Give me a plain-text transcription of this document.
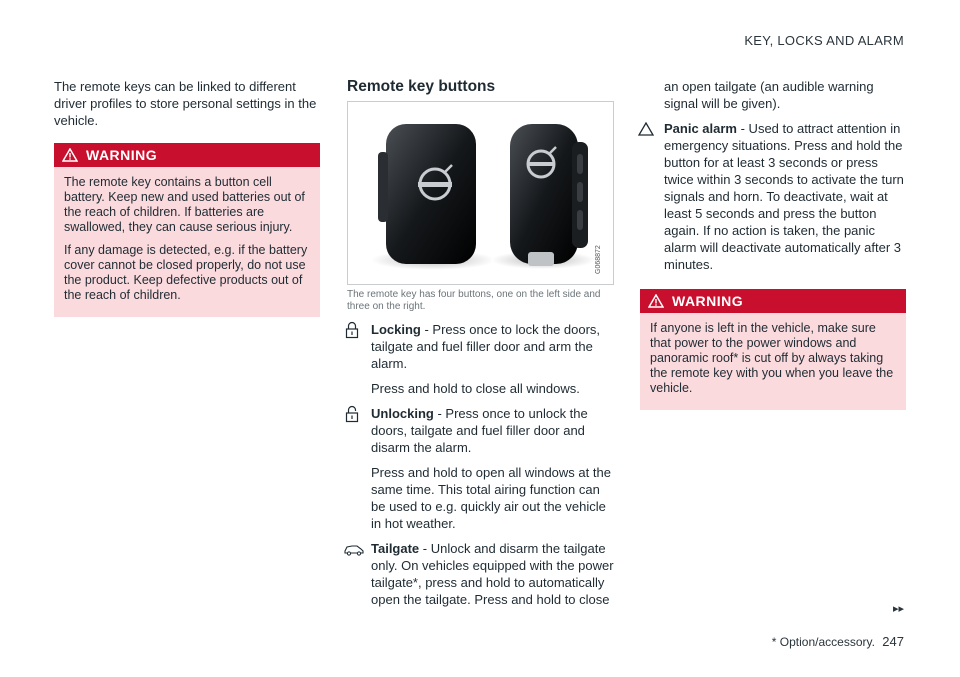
KEY, LOCKS AND ALARM

The remote keys can be linked to different driver profiles to store personal settings in the vehicle.

WARNING

The remote key contains a button cell battery. Keep new and used batteries out of the reach of children. If batteries are swallowed, they can cause serious injury.

If any damage is detected, e.g. if the battery cover cannot be closed properly, do not use the product. Keep defective products out of the reach of children.

Remote key buttons
G068872
The remote key has four buttons, one on the left side and three on the right.
Locking - Press once to lock the doors, tailgate and fuel filler door and arm the alarm.
Press and hold to close all windows.
Unlocking - Press once to unlock the doors, tailgate and fuel filler door and disarm the alarm.
Press and hold to open all windows at the same time. This total airing function can be used to e.g. quickly air out the vehicle in hot weather.
Tailgate - Unlock and disarm the tailgate only. On vehicles equipped with the power tailgate*, press and hold to automatically open the tailgate. Press and hold to close
an open tailgate (an audible warning signal will be given).
Panic alarm - Used to attract attention in emergency situations. Press and hold the button for at least 3 seconds or press twice within 3 seconds to activate the turn signals and horn. To deactivate, wait at least 5 seconds and press the button again. If no action is taken, the panic alarm will deactivate automatically after 3 minutes.
WARNING

If anyone is left in the vehicle, make sure that power to the power windows and panoramic roof* is cut off by always taking the remote key with you when you leave the vehicle.

▸▸
* Option/accessory. 247
